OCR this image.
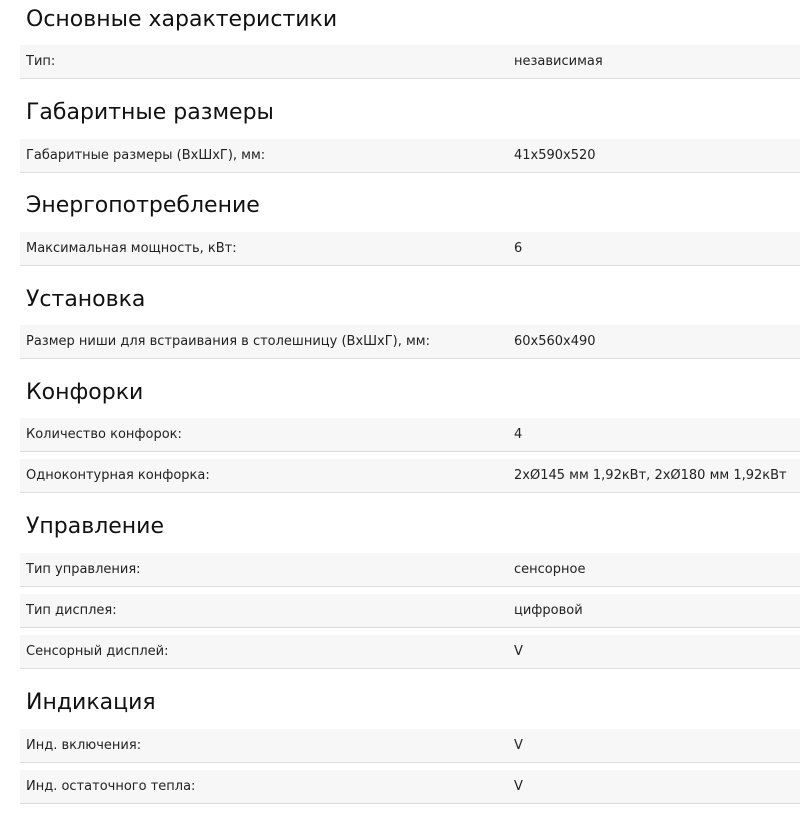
Основные характеристики
Тип:	независимая
Габаритные размеры
Габаритные размеры (ВхШхГ), мм:	41x590x520
Энергопотребление
Максимальная мощность, кВт:	6
Установка
Размер ниши для встраивания в столешницу (ВхШхГ), мм:	60x560x490
Конфорки
Количество конфорок:	4
Одноконтурная конфорка:	2xØ145 мм 1,92кВт, 2xØ180 мм 1,92кВт
Управление
Тип управления:	сенсорное
Тип дисплея:	цифровой
Сенсорный дисплей:	V
Индикация
Инд. включения:	V
Инд. остаточного тепла:	V
